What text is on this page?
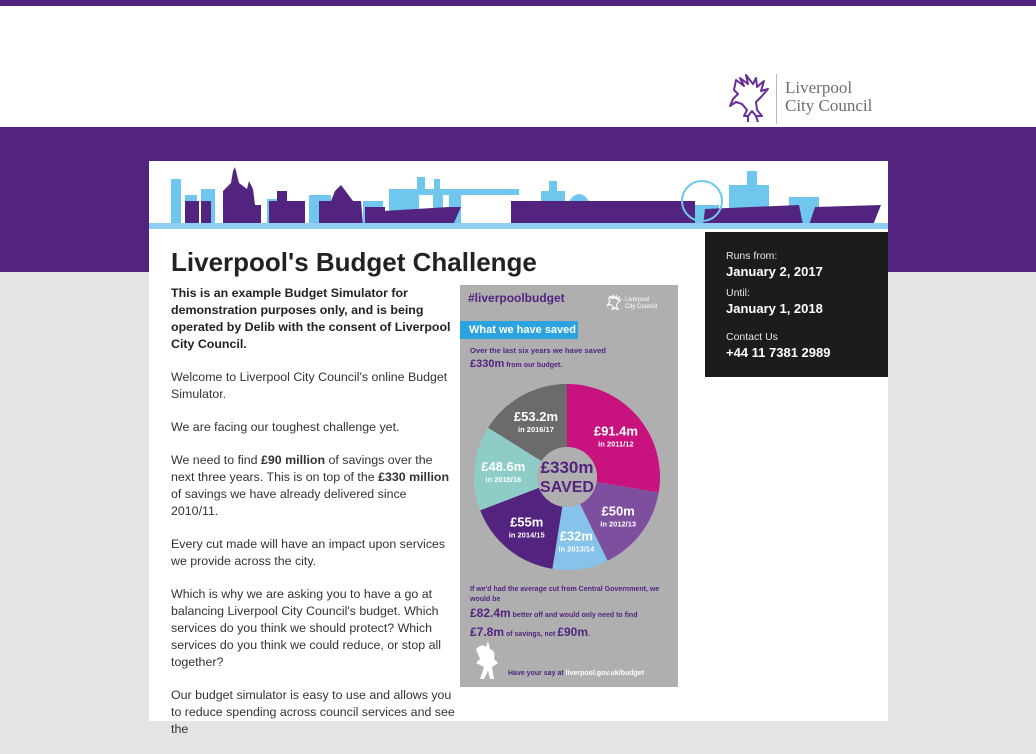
Liverpool
City Council
Liverpool's Budget Challenge

This is an example Budget Simulator for demonstration purposes only, and is being operated by Delib with the consent of Liverpool City Council.

Welcome to Liverpool City Council's online Budget Simulator.

We are facing our toughest challenge yet.

We need to find £90 million of savings over the next three years. This is on top of the £330 million of savings we have already delivered since 2010/11.

Every cut made will have an impact upon services we provide across the city.

Which is why we are asking you to have a go at balancing Liverpool City Council's budget. Which services do you think we should protect? Which services do you think we could reduce, or stop all together?

Our budget simulator is easy to use and allows you to reduce spending across council services and see the

#liverpoolbudget	Liverpool
City Council
What we have saved
Over the last six years we have saved
£330m from our budget.
£330m
SAVED
£91.4m
in 2011/12
£50m
in 2012/13
£32m
in 2013/14
£55m
in 2014/15
£48.6m
in 2015/16
£53.2m
in 2016/17
If we'd had the average cut from Central Government, we would be
£82.4m better off and would only need to find
£7.8m of savings, not £90m.
Have your say at liverpool.gov.uk/budget
Runs from:
January 2, 2017
Until:
January 1, 2018
Contact Us
+44 11 7381 2989
